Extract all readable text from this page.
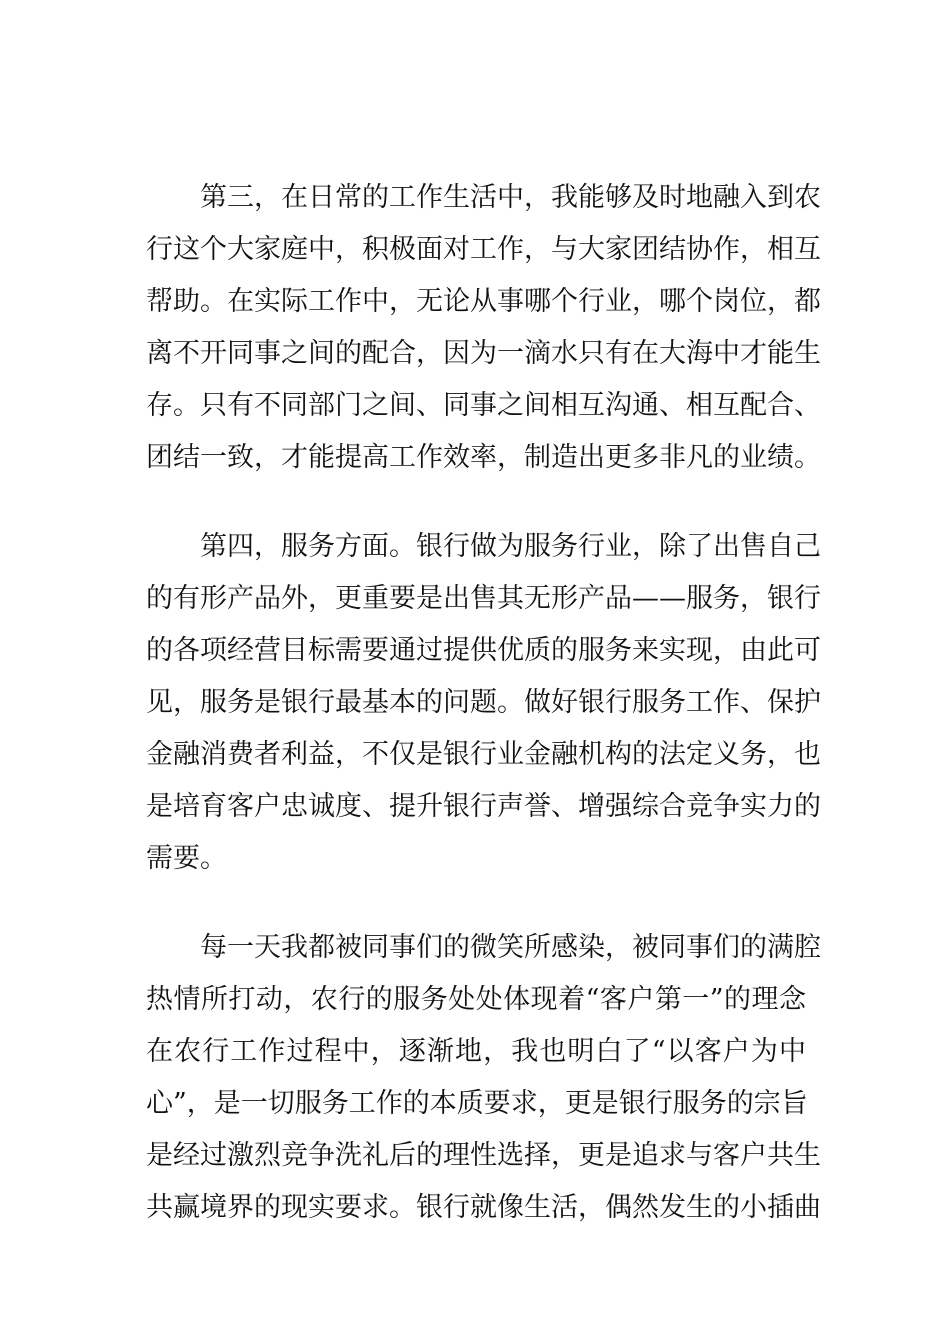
第三，在日常的工作生活中，我能够及时地融入到农
行这个大家庭中，积极面对工作，与大家团结协作，相互
帮助。在实际工作中，无论从事哪个行业，哪个岗位，都
离不开同事之间的配合，因为一滴水只有在大海中才能生
存。只有不同部门之间、同事之间相互沟通、相互配合、
团结一致，才能提高工作效率，制造出更多非凡的业绩。
第四，服务方面。银行做为服务行业，除了出售自己
的有形产品外，更重要是出售其无形产品——服务，银行
的各项经营目标需要通过提供优质的服务来实现，由此可
见，服务是银行最基本的问题。做好银行服务工作、保护
金融消费者利益，不仅是银行业金融机构的法定义务，也
是培育客户忠诚度、提升银行声誉、增强综合竞争实力的
需要。
每一天我都被同事们的微笑所感染，被同事们的满腔
热情所打动，农行的服务处处体现着“客户第一”的理念
在农行工作过程中，逐渐地，我也明白了“以客户为中
心”，是一切服务工作的本质要求，更是银行服务的宗旨
是经过激烈竞争洗礼后的理性选择，更是追求与客户共生
共赢境界的现实要求。银行就像生活，偶然发生的小插曲
